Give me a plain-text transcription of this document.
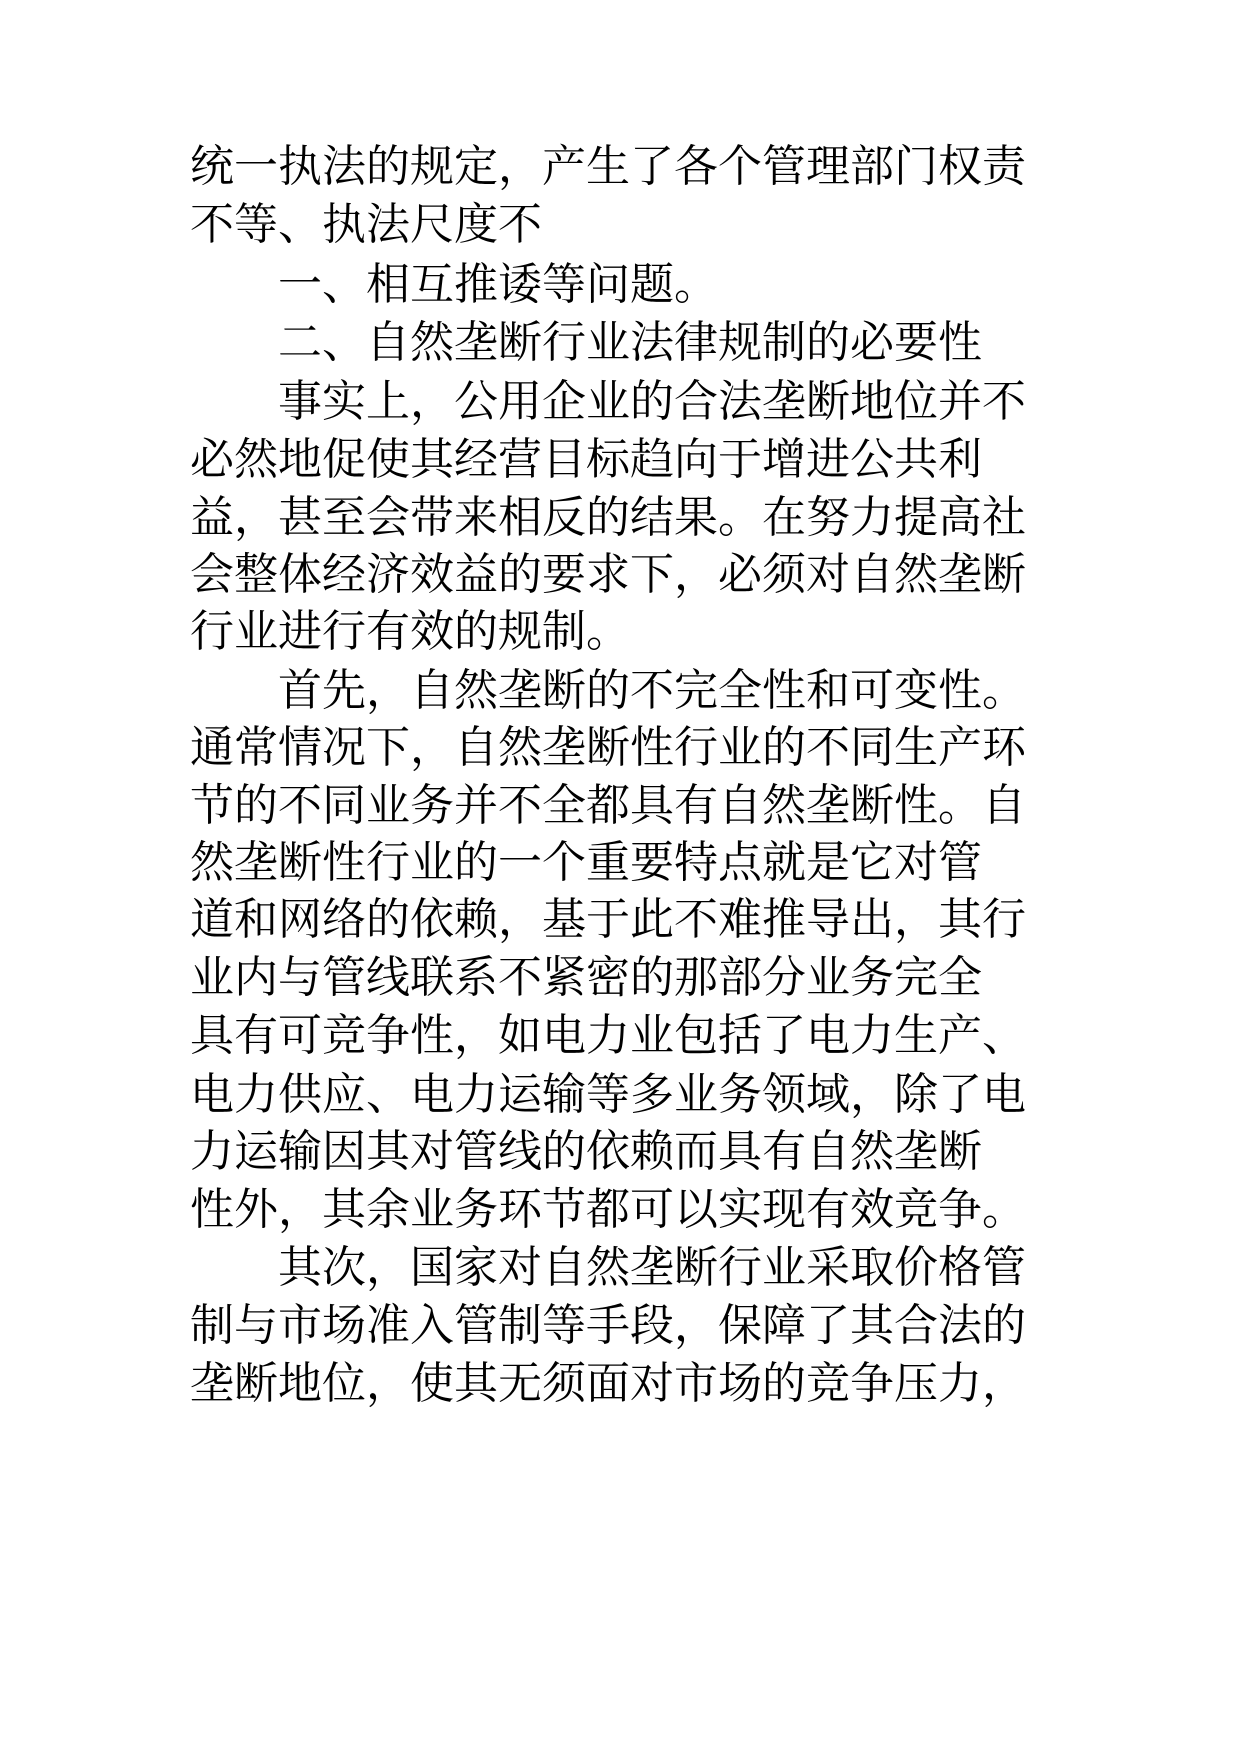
统一执法的规定，产生了各个管理部门权责

不等、执法尺度不

一、相互推诿等问题。

二、自然垄断行业法律规制的必要性

事实上，公用企业的合法垄断地位并不

必然地促使其经营目标趋向于增进公共利

益，甚至会带来相反的结果。在努力提高社

会整体经济效益的要求下，必须对自然垄断

行业进行有效的规制。

首先，自然垄断的不完全性和可变性。

通常情况下，自然垄断性行业的不同生产环

节的不同业务并不全都具有自然垄断性。自

然垄断性行业的一个重要特点就是它对管

道和网络的依赖，基于此不难推导出，其行

业内与管线联系不紧密的那部分业务完全

具有可竞争性，如电力业包括了电力生产、

电力供应、电力运输等多业务领域，除了电

力运输因其对管线的依赖而具有自然垄断

性外，其余业务环节都可以实现有效竞争。

其次，国家对自然垄断行业采取价格管

制与市场准入管制等手段，保障了其合法的

垄断地位，使其无须面对市场的竞争压力，
